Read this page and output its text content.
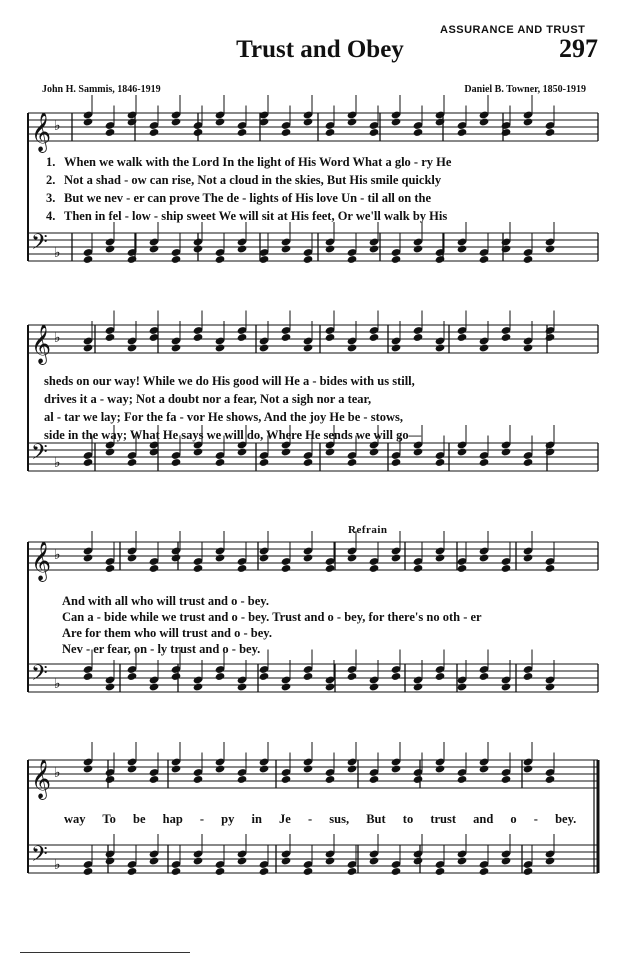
ASSURANCE AND TRUST
297
Trust and Obey
John H. Sammis, 1846-1919	Daniel B. Towner, 1850-1919
Refrain
𝄞 ♭
𝄢 ♭
𝄞 ♭
𝄢 ♭
𝄞 ♭
𝄢 ♭
𝄞 ♭
𝄢 ♭
1. When we walk with the Lord In the light of His Word What a glo - ry He
2. Not a shad - ow can rise, Not a cloud in the skies, But His smile quickly
3. But we nev - er can prove The de - lights of His love Un - til all on the
4. Then in fel - low - ship sweet We will sit at His feet, Or we'll walk by His
sheds on our way! While we do His good will He a - bides with us still,
drives it a - way; Not a doubt nor a fear, Not a sigh nor a tear,
al - tar we lay; For the fa - vor He shows, And the joy He be - stows,
side in the way; What He says we will do, Where He sends we will go—
And with all who will trust and o - bey.
Can a - bide while we trust and o - bey. Trust and o - bey, for there's no oth - er
Are for them who will trust and o - bey.
Nev - er fear, on - ly trust and o - bey.
way To be hap - py in Je - sus, But to trust and o - bey.
